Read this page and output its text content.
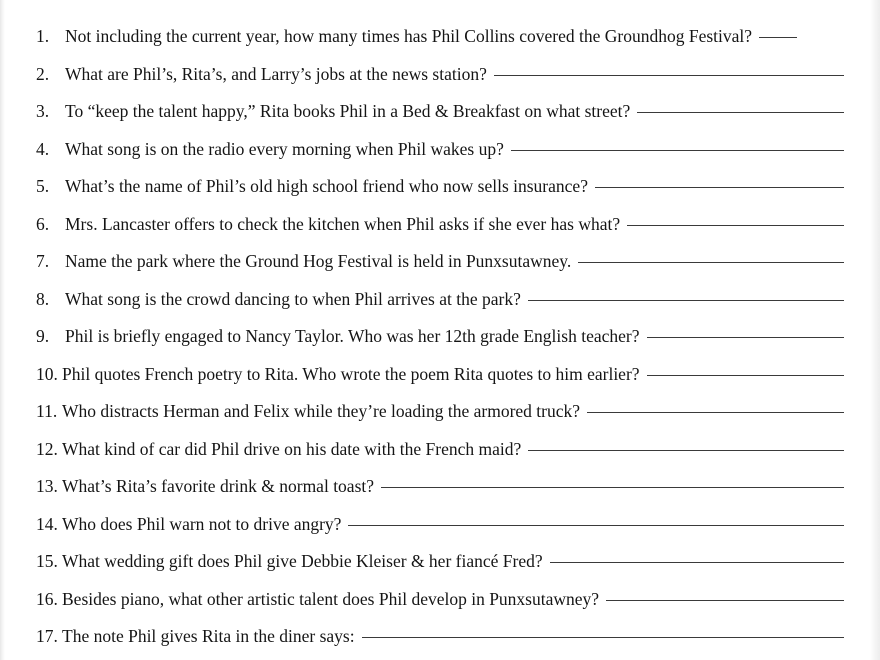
1. Not including the current year, how many times has Phil Collins covered the Groundhog Festival?
2. What are Phil’s, Rita’s, and Larry’s jobs at the news station?
3. To “keep the talent happy,” Rita books Phil in a Bed & Breakfast on what street?
4. What song is on the radio every morning when Phil wakes up?
5. What’s the name of Phil’s old high school friend who now sells insurance?
6. Mrs. Lancaster offers to check the kitchen when Phil asks if she ever has what?
7. Name the park where the Ground Hog Festival is held in Punxsutawney.
8. What song is the crowd dancing to when Phil arrives at the park?
9. Phil is briefly engaged to Nancy Taylor. Who was her 12th grade English teacher?
10. Phil quotes French poetry to Rita. Who wrote the poem Rita quotes to him earlier?
11. Who distracts Herman and Felix while they’re loading the armored truck?
12. What kind of car did Phil drive on his date with the French maid?
13. What’s Rita’s favorite drink & normal toast?
14. Who does Phil warn not to drive angry?
15. What wedding gift does Phil give Debbie Kleiser & her fiancé Fred?
16. Besides piano, what other artistic talent does Phil develop in Punxsutawney?
17. The note Phil gives Rita in the diner says:
